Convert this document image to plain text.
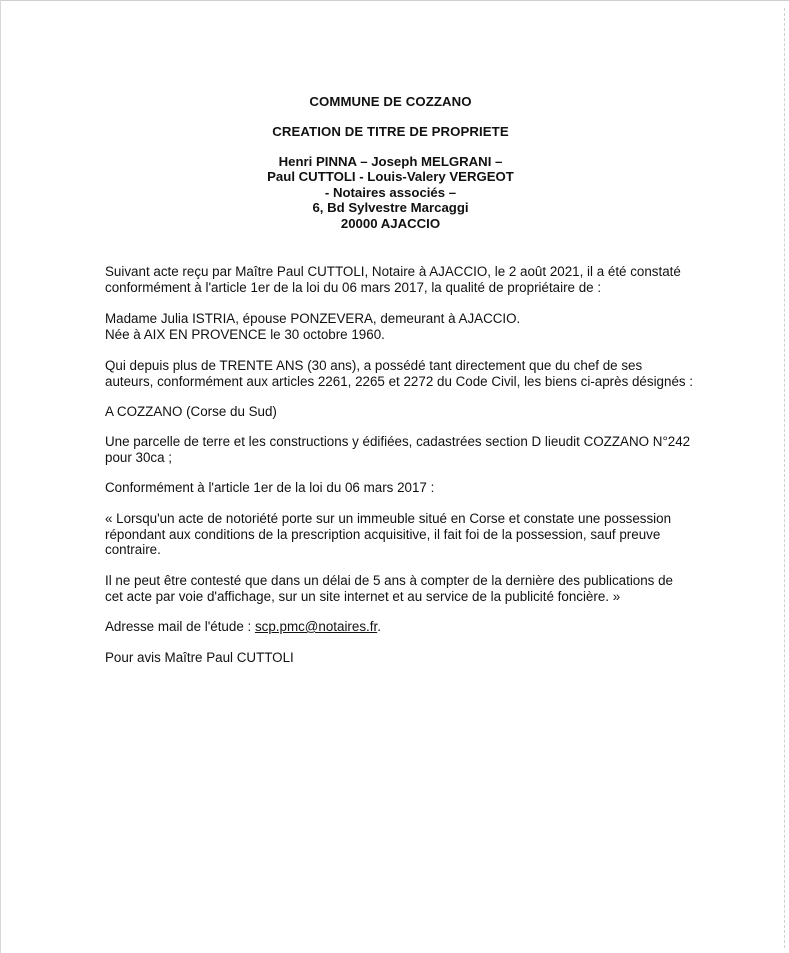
COMMUNE DE COZZANO
CREATION DE TITRE DE PROPRIETE
Henri PINNA – Joseph MELGRANI –
Paul CUTTOLI - Louis-Valery VERGEOT
- Notaires associés –
6, Bd Sylvestre Marcaggi
20000 AJACCIO
Suivant acte reçu par Maître Paul CUTTOLI, Notaire à AJACCIO, le 2 août 2021, il a été constaté
conformément à l'article 1er de la loi du 06 mars 2017, la qualité de propriétaire de :
Madame Julia ISTRIA, épouse PONZEVERA, demeurant à AJACCIO.
Née à AIX EN PROVENCE le 30 octobre 1960.
Qui depuis plus de TRENTE ANS (30 ans), a possédé tant directement que du chef de ses
auteurs, conformément aux articles 2261, 2265 et 2272 du Code Civil, les biens ci-après désignés :
A COZZANO (Corse du Sud)
Une parcelle de terre et les constructions y édifiées, cadastrées section D lieudit COZZANO N°242
pour 30ca ;
Conformément à l'article 1er de la loi du 06 mars 2017 :
« Lorsqu'un acte de notoriété porte sur un immeuble situé en Corse et constate une possession
répondant aux conditions de la prescription acquisitive, il fait foi de la possession, sauf preuve
contraire.
Il ne peut être contesté que dans un délai de 5 ans à compter de la dernière des publications de
cet acte par voie d'affichage, sur un site internet et au service de la publicité foncière. »
Adresse mail de l'étude : scp.pmc@notaires.fr.
Pour avis Maître Paul CUTTOLI
